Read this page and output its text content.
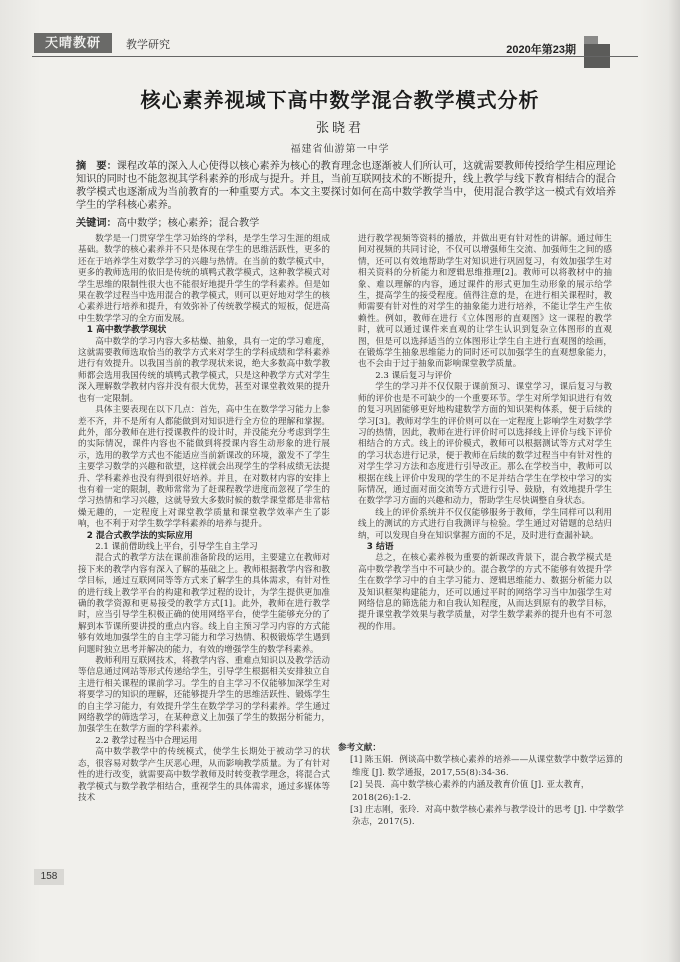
天晴教研	教学研究	2020年第23期
核心素养视域下高中数学混合教学模式分析
张晓君
福建省仙游第一中学
摘　要：课程改革的深入人心使得以核心素养为核心的教育理念也逐渐被人们所认可，这就需要教师传授给学生相应理论知识的同时也不能忽视其学科素养的形成与提升。并且，当前互联网技术的不断提升，线上教学与线下教育相结合的混合教学模式也逐渐成为当前教育的一种重要方式。本文主要探讨如何在高中数学教学当中，使用混合教学这一模式有效培养学生的学科核心素养。
关键词：高中数学；核心素养；混合教学

数学是一门贯穿学生学习始终的学科，是学生学习生涯的组成基础。数学的核心素养并不只是体现在学生的思维活跃性，更多的还在于培养学生对数学学习的兴趣与热情。在当前的数学模式中，更多的教师选用的依旧是传统的填鸭式教学模式，这种教学模式对学生思维的限制性很大也不能很好地提升学生的学科素养。但是如果在教学过程当中选用混合的教学模式，则可以更好地对学生的核心素养进行培养和提升，有效弥补了传统教学模式的短板，促进高中生数学学习的全方面发展。

1 高中数学教学现状

高中数学的学习内容大多枯燥、抽象，具有一定的学习难度，这就需要教师选取恰当的教学方式来对学生的学科成绩和学科素养进行有效提升。以我国当前的教学现状来说，绝大多数高中数学教师都会选用我国传统的填鸭式教学模式，只是这种教学方式对学生深入理解数学教材内容并没有很大优势，甚至对课堂教效果的提升也有一定限制。

具体主要表现在以下几点：首先，高中生在数学学习能力上参差不齐，并不是所有人都能做到对知识进行全方位的理解和掌握。此外，部分教师在进行授课教件的设计时，并没能充分考虑到学生的实际情况，课件内容也不能做到将授课内容生动形象的进行展示，选用的教学方式也不能适应当前新课改的环境，激发不了学生主要学习数学的兴趣和欲望，这样就会出现学生的学科成绩无法提升、学科素养也没有得到很好培养。并且，在对数材内容的安排上也有着一定的限制，教师常常为了赶课程教学进度而忽视了学生的学习热情和学习兴趣，这就导致大多数时候的数学课堂都是非常枯燥无趣的，一定程度上对课堂教学质量和课堂教学效率产生了影响，也不利于对学生数学学科素养的培养与提升。

2 混合式教学法的实际应用
2.1 课前借助线上平台，引导学生自主学习

混合式的教学方法在课前准备阶段的运用，主要建立在教师对接下来的教学内容有深入了解的基础之上。教师根据教学内容和教学目标，通过互联网同等等方式来了解学生的具体需求，有针对性的进行线上教学平台的构建和教学过程的设计，为学生提供更加准确的教学资源和更易接受的教学方式[1]。此外，教师在进行教学时，应当引导学生积极正确的使用网络平台，使学生能够充分的了解到本节课所要讲授的重点内容。线上自主预习学习内容的方式能够有效地加强学生的自主学习能力和学习热情、积极锻炼学生遇到问题时独立思考并解决的能力，有效的增强学生的数学科素养。

教师利用互联网技术，将教学内容、重难点知识以及教学活动等信息通过网站等形式传递给学生，引导学生根据相关安排独立自主进行相关课程的课前学习。学生的自主学习不仅能够加深学生对将要学习的知识的理解，还能够提升学生的思维活跃性、锻炼学生的自主学习能力，有效提升学生在数学学习的学科素养。学生通过网络教学的筛选学习，在某种意义上加强了学生的数据分析能力，加强学生在数学方面的学科素养。

2.2 教学过程当中合理运用

高中数学教学中的传统模式，使学生长期处于被动学习的状态，很容易对数学产生厌恶心理，从而影响教学质量。为了有针对性的进行改变，就需要高中数学教师及时转变教学理念，将混合式教学模式与数学教学相结合，重视学生的具体需求，通过多媒体等技术

进行教学视频等资料的播放，并做出更有针对性的讲解。通过师生间对视频的共同讨论，不仅可以增强师生交流、加强师生之间的感情，还可以有效地帮助学生对知识进行巩固复习，有效加强学生对相关资料的分析能力和逻辑思维推理[2]。教师可以将教材中的抽象、难以理解的内容，通过课件的形式更加生动形象的展示给学生，提高学生的接受程度。值得注意的是，在进行相关课程时，教师需要有针对性的对学生的抽象能力进行培养，不能让学生产生依赖性。例如，教师在进行《立体图形的直观图》这一课程的教学时，就可以通过课件来直观的让学生认识到复杂立体图形的直观图，但是可以选择适当的立体图形让学生自主进行直观图的绘画，在锻炼学生抽象思维能力的同时还可以加强学生的直观想象能力，也不会由于过于抽象而影响课堂教学质量。

2.3 课后复习与评价

学生的学习并不仅仅限于课前预习、课堂学习，课后复习与教师的评价也是不可缺少的一个重要环节。学生对所学知识进行有效的复习巩固能够更好地构建数学方面的知识架构体系，便于后续的学习[3]。教师对学生的评价则可以在一定程度上影响学生对数学学习的热情，因此，教师在进行评价时可以选择线上评价与线下评价相结合的方式。线上的评价模式，教师可以根据测试等方式对学生的学习状态进行记录，便于教师在后续的数学过程当中有针对性的对学生学习方法和态度进行引导改正。那么在学校当中，教师可以根据在线上评价中发现的学生的不足并结合学生在学校中学习的实际情况，通过面对面交流等方式进行引导、鼓励，有效地提升学生在数学学习方面的兴趣和动力，帮助学生尽快调整自身状态。

线上的评价系统并不仅仅能够服务于教师，学生同样可以利用线上的测试的方式进行自我测评与检验。学生通过对错题的总结归纳，可以发现自身在知识掌握方面的不足，及时进行查漏补缺。

3 结语

总之，在核心素养极为重要的新课改背景下，混合教学模式是高中数学教学当中不可缺少的。混合教学的方式不能够有效提升学生在数学学习中的自主学习能力、逻辑思维能力、数据分析能力以及知识框架构建能力，还可以通过平时的网络学习当中加强学生对网络信息的筛选能力和自我认知程度，从而达到原有的教学目标，提升课堂教学效果与教学质量，对学生数学素养的提升也有不可忽视的作用。

参考文献：
[1] 陈玉娟．例谈高中数学核心素养的培养——从课堂数学中数学运算的维度 [J]. 数学通报，2017,55(8):34-36.
[2] 吴畏．高中数学核心素养的内涵及教育价值 [J]. 亚太教育，2018(26):1-2.
[3] 庄志刚，张玲．对高中数学核心素养与教学设计的思考 [J]. 中学数学杂志，2017(5).
158
